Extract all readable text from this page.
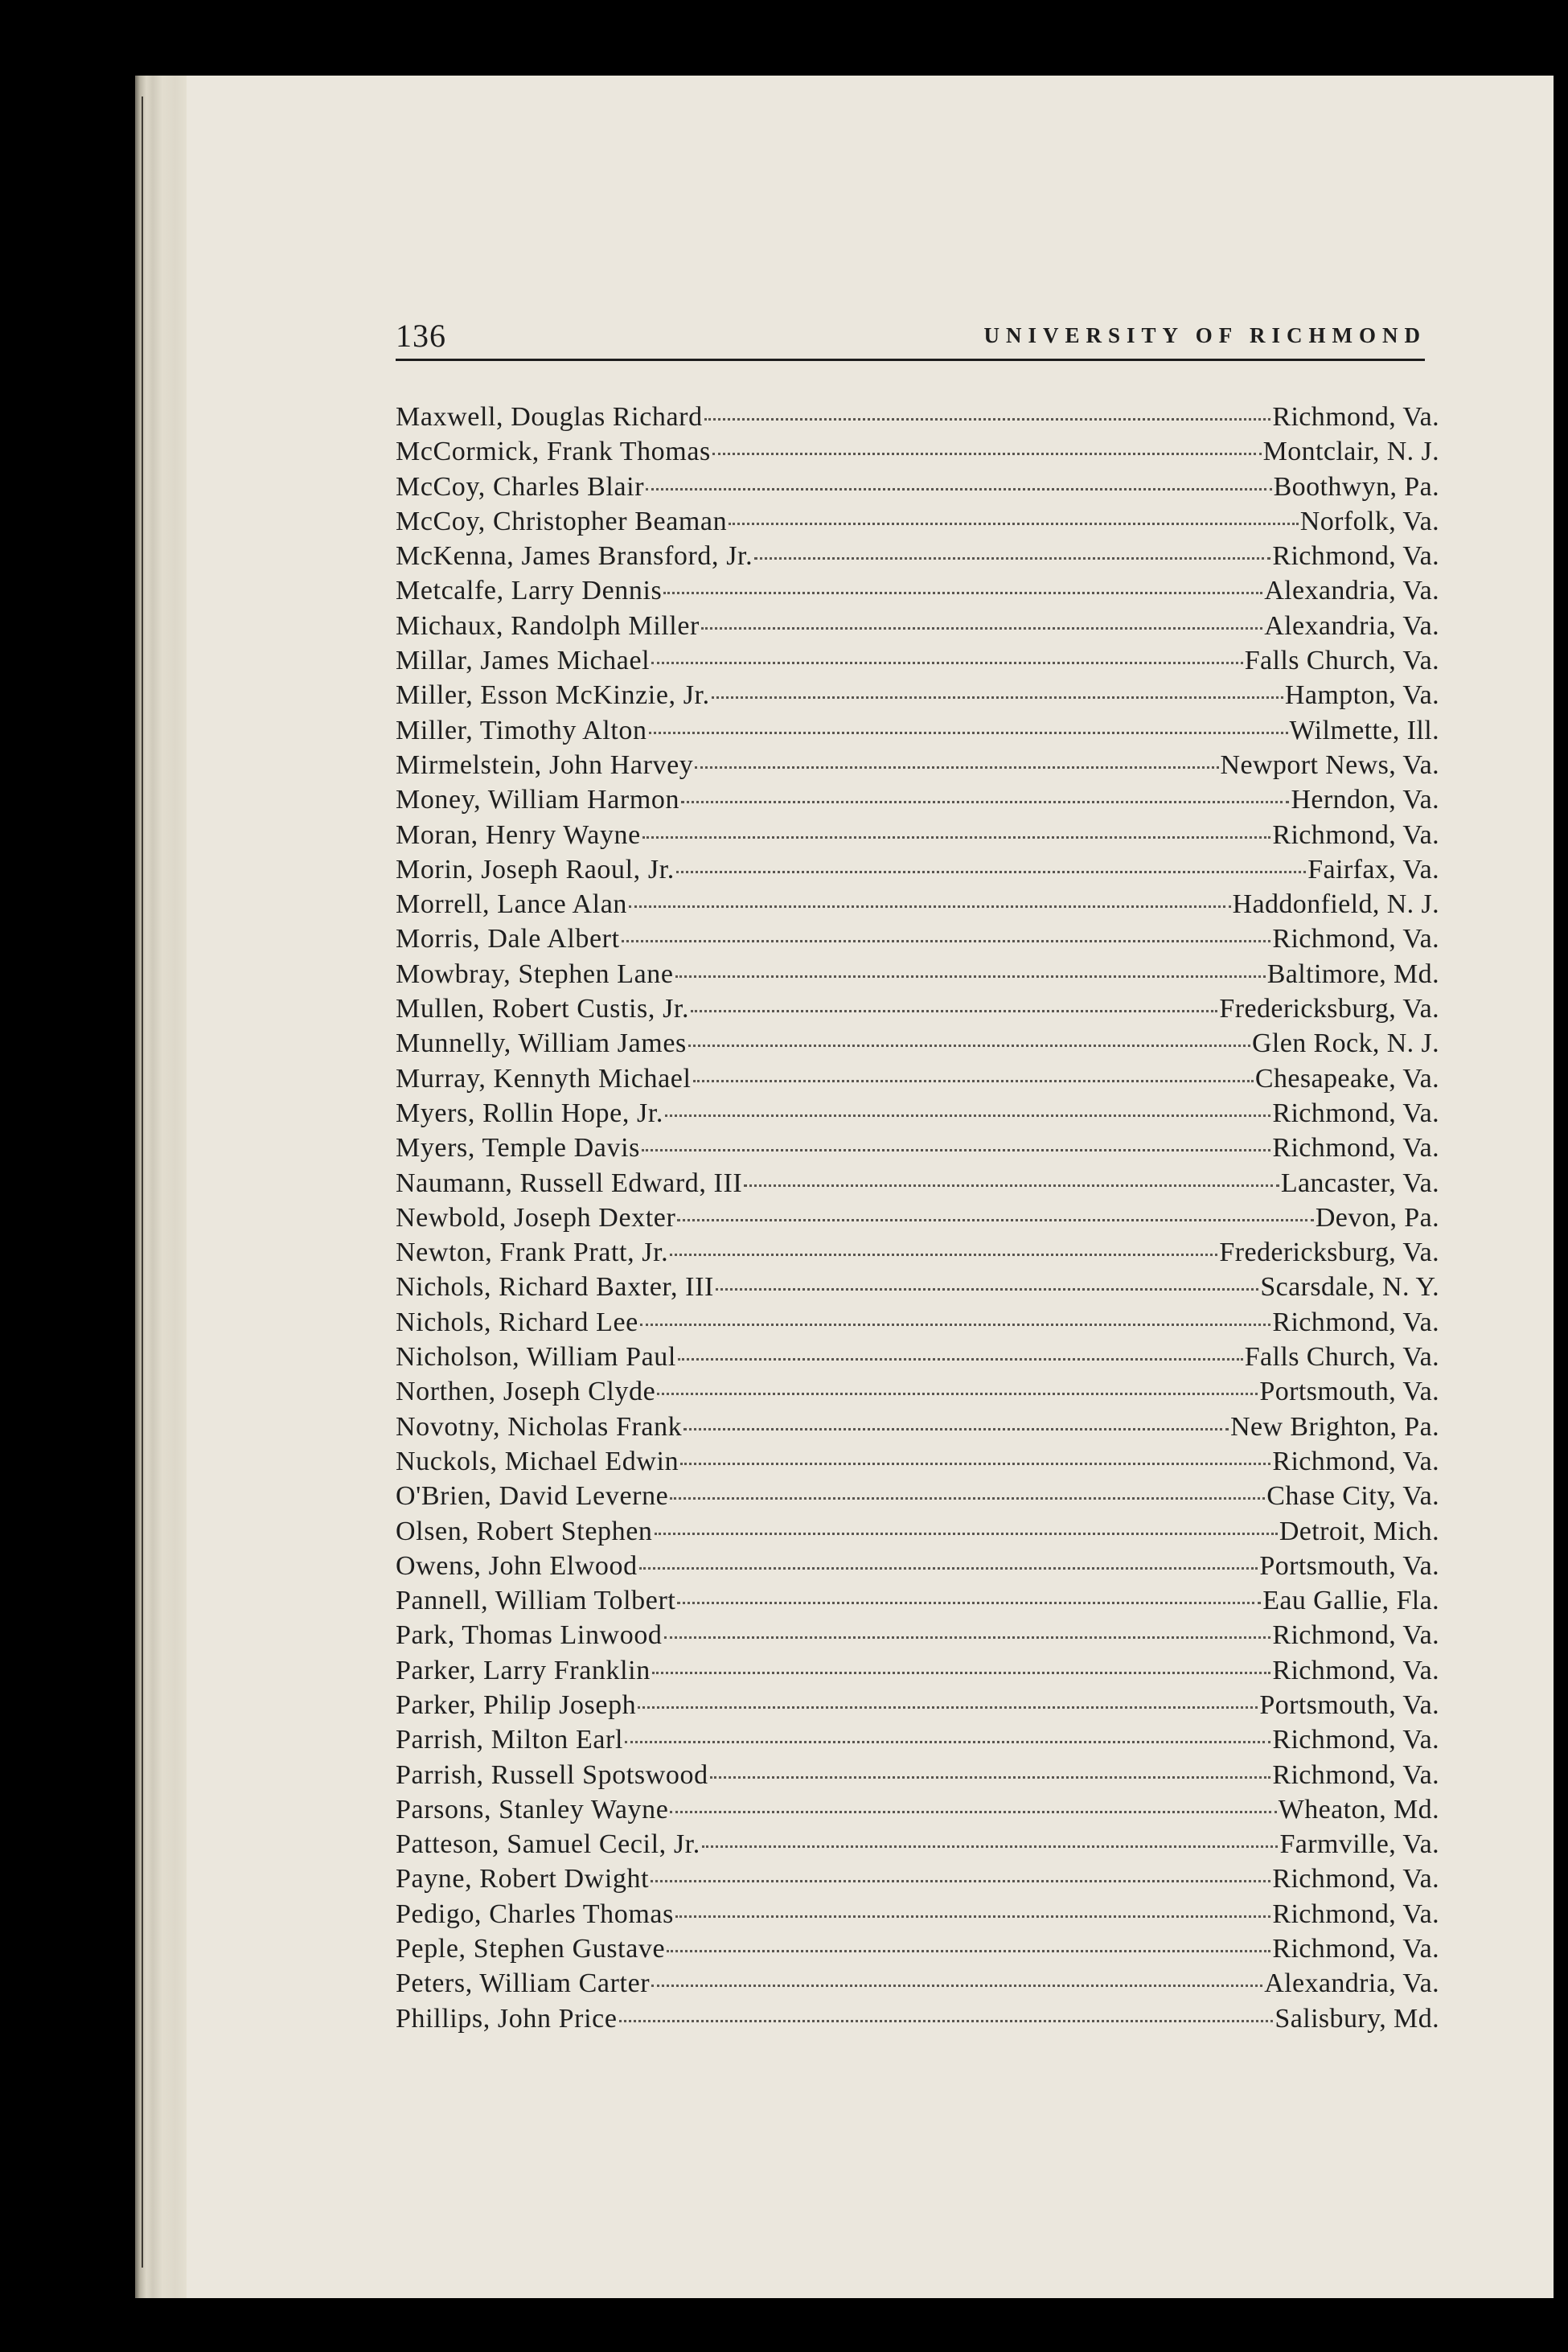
136	UNIVERSITY OF RICHMOND
Maxwell, Douglas Richard	Richmond, Va.
McCormick, Frank Thomas	Montclair, N. J.
McCoy, Charles Blair	Boothwyn, Pa.
McCoy, Christopher Beaman	Norfolk, Va.
McKenna, James Bransford, Jr.	Richmond, Va.
Metcalfe, Larry Dennis	Alexandria, Va.
Michaux, Randolph Miller	Alexandria, Va.
Millar, James Michael	Falls Church, Va.
Miller, Esson McKinzie, Jr.	Hampton, Va.
Miller, Timothy Alton	Wilmette, Ill.
Mirmelstein, John Harvey	Newport News, Va.
Money, William Harmon	Herndon, Va.
Moran, Henry Wayne	Richmond, Va.
Morin, Joseph Raoul, Jr.	Fairfax, Va.
Morrell, Lance Alan	Haddonfield, N. J.
Morris, Dale Albert	Richmond, Va.
Mowbray, Stephen Lane	Baltimore, Md.
Mullen, Robert Custis, Jr.	Fredericksburg, Va.
Munnelly, William James	Glen Rock, N. J.
Murray, Kennyth Michael	Chesapeake, Va.
Myers, Rollin Hope, Jr.	Richmond, Va.
Myers, Temple Davis	Richmond, Va.
Naumann, Russell Edward, III	Lancaster, Va.
Newbold, Joseph Dexter	Devon, Pa.
Newton, Frank Pratt, Jr.	Fredericksburg, Va.
Nichols, Richard Baxter, III	Scarsdale, N. Y.
Nichols, Richard Lee	Richmond, Va.
Nicholson, William Paul	Falls Church, Va.
Northen, Joseph Clyde	Portsmouth, Va.
Novotny, Nicholas Frank	New Brighton, Pa.
Nuckols, Michael Edwin	Richmond, Va.
O'Brien, David Leverne	Chase City, Va.
Olsen, Robert Stephen	Detroit, Mich.
Owens, John Elwood	Portsmouth, Va.
Pannell, William Tolbert	Eau Gallie, Fla.
Park, Thomas Linwood	Richmond, Va.
Parker, Larry Franklin	Richmond, Va.
Parker, Philip Joseph	Portsmouth, Va.
Parrish, Milton Earl	Richmond, Va.
Parrish, Russell Spotswood	Richmond, Va.
Parsons, Stanley Wayne	Wheaton, Md.
Patteson, Samuel Cecil, Jr.	Farmville, Va.
Payne, Robert Dwight	Richmond, Va.
Pedigo, Charles Thomas	Richmond, Va.
Peple, Stephen Gustave	Richmond, Va.
Peters, William Carter	Alexandria, Va.
Phillips, John Price	Salisbury, Md.
